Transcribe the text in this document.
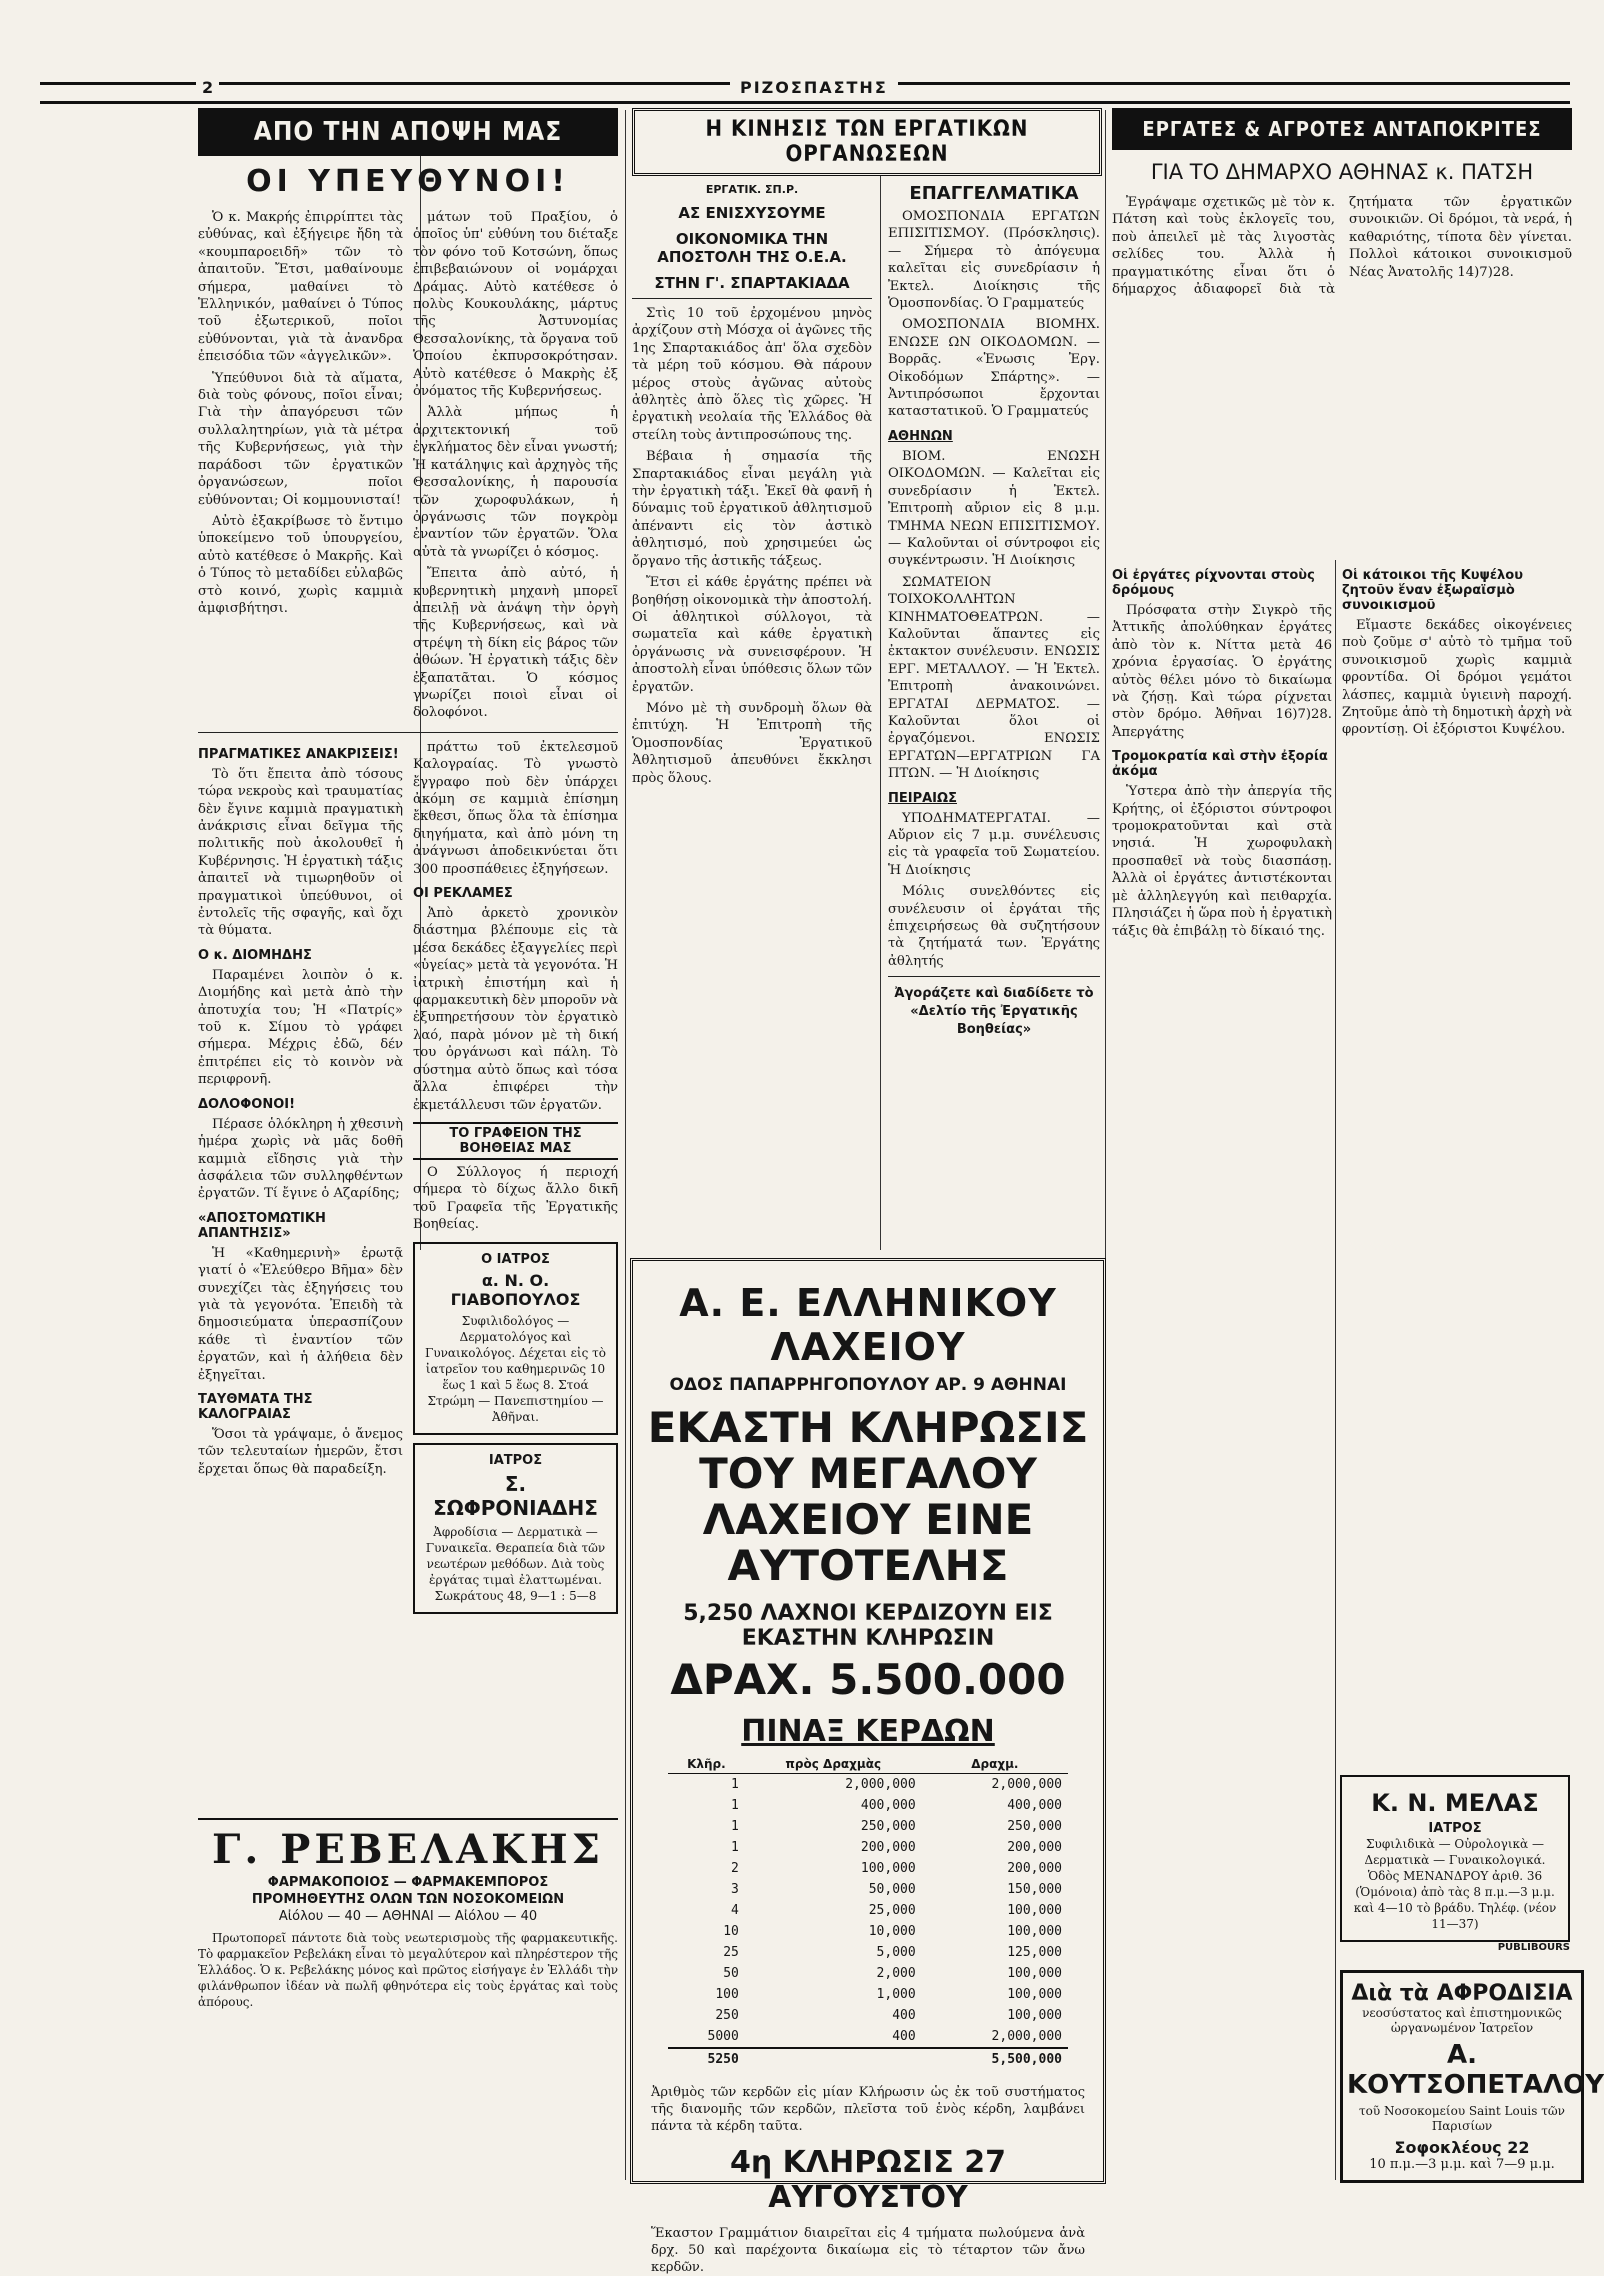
2	ΡΙΖΟΣΠΑΣΤΗΣ
ΑΠΟ ΤΗΝ ΑΠΟΨΗ ΜΑΣ
ΟΙ ΥΠΕΥΘΥΝΟΙ!

Ὁ κ. Μακρής ἐπιρρίπτει τὰς εὐθύνας, καὶ ἐξήγειρε ἤδη τὰ «κουμπαροειδῆ» τῶν τὸ ἀπαιτοῦν. Ἔτσι, μαθαίνουμε σήμερα, μαθαίνει τὸ Ἑλληνικόν, μαθαίνει ὁ Τύπος τοῦ ἐξωτερικοῦ, ποῖοι εὐθύνονται, γιὰ τὰ ἀνανδρα ἐπεισόδια τῶν «ἀγγελικῶν».

Ὑπεύθυνοι διὰ τὰ αἵματα, διὰ τοὺς φόνους, ποῖοι εἶναι; Γιὰ τὴν ἀπαγόρευσι τῶν συλλαλητηρίων, γιὰ τὰ μέτρα τῆς Κυβερνήσεως, γιὰ τὴν παράδοσι τῶν ἐργατικῶν ὀργανώσεων, ποῖοι εὐθύνονται; Οἱ κομμουνισταί!

Αὐτὸ ἐξακρίβωσε τὸ ἔντιμο ὑποκείμενο τοῦ ὑπουργείου, αὐτὸ κατέθεσε ὁ Μακρῆς. Καὶ ὁ Τύπος τὸ μεταδίδει εὐλαβῶς στὸ κοινό, χωρὶς καμμιὰ ἀμφισβήτησι.

μάτων τοῦ Πραξίου, ὁ ὁποῖος ὑπ' εὐθύνη του διέταξε τὸν φόνο τοῦ Κοτσώνη, ὅπως ἐπιβεβαιώνουν οἱ νομάρχαι Δράμας. Αὐτὸ κατέθεσε ὁ πολὺς Κουκουλάκης, μάρτυς τῆς Ἀστυνομίας Θεσσαλονίκης, τὰ ὄργανα τοῦ Ὁποίου ἐκπυρσοκρότησαν. Αὐτὸ κατέθεσε ὁ Μακρὴς ἐξ ὀνόματος τῆς Κυβερνήσεως.

Ἀλλὰ μήπως ἡ ἀρχιτεκτονική τοῦ ἐγκλήματος δὲν εἶναι γνωστή; Ἡ κατάληψις καὶ ἀρχηγὸς τῆς Θεσσαλονίκης, ἡ παρουσία τῶν χωροφυλάκων, ἡ ὀργάνωσις τῶν πογκρὸμ ἐναντίον τῶν ἐργατῶν. Ὅλα αὐτὰ τὰ γνωρίζει ὁ κόσμος.

Ἔπειτα ἀπὸ αὐτό, ἡ κυβερνητικὴ μηχανὴ μπορεῖ ἀπειλῇ νὰ ἀνάψη τὴν ὀργὴ τῆς Κυβερνήσεως, καὶ νὰ στρέψη τὴ δίκη εἰς βάρος τῶν ἀθώων. Ἡ ἐργατικὴ τάξις δὲν ἐξαπατᾶται. Ὁ κόσμος γνωρίζει ποιοὶ εἶναι οἱ δολοφόνοι.

ΠΡΑΓΜΑΤΙΚΕΣ ΑΝΑΚΡΙΣΕΙΣ!

Τὸ ὅτι ἔπειτα ἀπὸ τόσους τώρα νεκροὺς καὶ τραυματίας δὲν ἔγινε καμμιὰ πραγματικὴ ἀνάκρισις εἶναι δεῖγμα τῆς πολιτικῆς ποὺ ἀκολουθεῖ ἡ Κυβέρνησις. Ἡ ἐργατικὴ τάξις ἀπαιτεῖ νὰ τιμωρηθοῦν οἱ πραγματικοὶ ὑπεύθυνοι, οἱ ἐντολεῖς τῆς σφαγῆς, καὶ ὄχι τὰ θύματα.

Ο κ. ΔΙΟΜΗΔΗΣ

Παραμένει λοιπὸν ὁ κ. Διομήδης καὶ μετὰ ἀπὸ τὴν ἀποτυχία του; Ἡ «Πατρίς» τοῦ κ. Σίμου τὸ γράφει σήμερα. Μέχρις ἐδῶ, δέν ἐπιτρέπει εἰς τὸ κοινὸν νὰ περιφρονῆ.

ΔΟΛΟΦΟΝΟΙ!

Πέρασε ὁλόκληρη ἡ χθεσινὴ ἡμέρα χωρὶς νὰ μᾶς δοθῆ καμμιὰ εἴδησις γιὰ τὴν ἀσφάλεια τῶν συλληφθέντων ἐργατῶν. Τί ἔγινε ὁ Αζαρίδης;

«ΑΠΟΣΤΟΜΩΤΙΚΗ ΑΠΑΝΤΗΣΙΣ»

Ἡ «Καθημερινὴ» ἐρωτᾷ γιατί ὁ «Ἐλεύθερο Βῆμα» δὲν συνεχίζει τὰς ἐξηγήσεις του γιὰ τὰ γεγονότα. Ἐπειδὴ τὰ δημοσιεύματα ὑπερασπίζουν κάθε τὶ ἐναντίον τῶν ἐργατῶν, καὶ ἡ ἀλήθεια δὲν ἐξηγεῖται.

ΤΑΥΘΜΑΤΑ ΤΗΣ ΚΑΛΟΓΡΑΙΑΣ

Ὅσοι τὰ γράψαμε, ὁ ἄνεμος τῶν τελευταίων ἡμερῶν, ἔτσι ἔρχεται ὅπως θὰ παραδείξη.

πράττω τοῦ ἐκτελεσμοῦ Καλογραίας. Τὸ γνωστὸ ἔγγραφο ποὺ δὲν ὑπάρχει ἀκόμη σε καμμιὰ ἐπίσημη ἔκθεσι, ὅπως ὅλα τὰ ἐπίσημα διηγήματα, καὶ ἀπὸ μόνη τη ἀνάγνωσι ἀποδεικνύεται ὅτι 300 προσπάθειες ἐξηγήσεων.

ΟΙ ΡΕΚΛΑΜΕΣ

Ἀπὸ ἀρκετὸ χρονικὸν διάστημα βλέπουμε εἰς τὰ μέσα δεκάδες ἐξαγγελίες περὶ «ὑγείας» μετὰ τὰ γεγονότα. Ἡ ἰατρικὴ ἐπιστήμη καὶ ἡ φαρμακευτικὴ δὲν μποροῦν νὰ ἐξυπηρετήσουν τὸν ἐργατικὸ λαό, παρὰ μόνον μὲ τὴ δική του ὀργάνωσι καὶ πάλη. Τὸ σύστημα αὐτὸ ὅπως καὶ τόσα ἄλλα ἐπιφέρει τὴν ἐκμετάλλευσι τῶν ἐργατῶν.

ΤΟ ΓΡΑΦΕΙΟΝ ΤΗΣ ΒΟΗΘΕΙΑΣ ΜΑΣ

Ο Σύλλογος ή περιοχή σήμερα τὸ δίχως ἄλλο δικῆ τοῦ Γραφεῖα τῆς Ἐργατικῆς Βοηθείας.

Ο ΙΑΤΡΟΣ
α. Ν. Ο. ΓΙΑΒΟΠΟΥΛΟΣ
Συφιλιδολόγος — Δερματολόγος καὶ Γυναικολόγος. Δέχεται εἰς τὸ ἰατρεῖον του καθημερινῶς 10 ἕως 1 καὶ 5 ἕως 8. Στοά Στρώμη — Πανεπιστημίου — Ἀθῆναι.
ΙΑΤΡΟΣ
Σ. ΣΩΦΡΟΝΙΑΔΗΣ
Ἀφροδίσια — Δερματικὰ — Γυναικεῖα. Θεραπεία διὰ τῶν νεωτέρων μεθόδων. Διὰ τοὺς ἐργάτας τιμαὶ ἐλαττωμέναι. Σωκράτους 48, 9—1 : 5—8
Γ. ΡΕΒΕΛΑΚΗΣ
ΦΑΡΜΑΚΟΠΟΙΟΣ — ΦΑΡΜΑΚΕΜΠΟΡΟΣ
ΠΡΟΜΗΘΕΥΤΗΣ ΟΛΩΝ ΤΩΝ ΝΟΣΟΚΟΜΕΙΩΝ
Αἰόλου — 40 — ΑΘΗΝΑΙ — Αἰόλου — 40

Πρωτοπορεῖ πάντοτε διὰ τοὺς νεωτερισμοὺς τῆς φαρμακευτικῆς. Τὸ φαρμακεῖον Ρεβελάκη εἶναι τὸ μεγαλύτερον καὶ πληρέστερον τῆς Ἑλλάδος. Ὁ κ. Ρεβελάκης μόνος καὶ πρῶτος εἰσήγαγε ἐν Ἑλλάδι τὴν φιλάνθρωπον ἰδέαν νὰ πωλῆ φθηνότερα εἰς τοὺς ἐργάτας καὶ τοὺς ἀπόρους.

Η ΚΙΝΗΣΙΣ ΤΩΝ ΕΡΓΑΤΙΚΩΝ ΟΡΓΑΝΩΣΕΩΝ
ΕΡΓΑΤΙΚ. ΣΠ.Ρ.
ΑΣ ΕΝΙΣΧΥΣΟΥΜΕ
ΟΙΚΟΝΟΜΙΚΑ ΤΗΝ ΑΠΟΣΤΟΛΗ ΤΗΣ Ο.Ε.Α.
ΣΤΗΝ Γ'. ΣΠΑΡΤΑΚΙΑΔΑ

Στὶς 10 τοῦ ἐρχομένου μηνὸς ἀρχίζουν στὴ Μόσχα οἱ ἀγῶνες τῆς 1ης Σπαρτακιάδος ἀπ' ὅλα σχεδὸν τὰ μέρη τοῦ κόσμου. Θὰ πάρουν μέρος στοὺς ἀγῶνας αὐτοὺς ἀθλητὲς ἀπὸ ὅλες τὶς χῶρες. Ἡ ἐργατικὴ νεολαία τῆς Ἑλλάδος θὰ στείλη τοὺς ἀντιπροσώπους της.

Βέβαια ἡ σημασία τῆς Σπαρτακιάδος εἶναι μεγάλη γιὰ τὴν ἐργατικὴ τάξι. Ἐκεῖ θὰ φανῆ ἡ δύναμις τοῦ ἐργατικοῦ ἀθλητισμοῦ ἀπέναντι εἰς τὸν ἀστικὸ ἀθλητισμό, ποὺ χρησιμεύει ὡς ὄργανο τῆς ἀστικῆς τάξεως.

Ἔτσι εἰ κάθε ἐργάτης πρέπει νὰ βοηθήσῃ οἰκονομικὰ τὴν ἀποστολή. Οἱ ἀθλητικοὶ σύλλογοι, τὰ σωματεῖα καὶ κάθε ἐργατικὴ ὀργάνωσις νὰ συνεισφέρουν. Ἡ ἀποστολὴ εἶναι ὑπόθεσις ὅλων τῶν ἐργατῶν.

Μόνο μὲ τὴ συνδρομὴ ὅλων θὰ ἐπιτύχη. Ἡ Ἐπιτροπὴ τῆς Ὁμοσπονδίας Ἐργατικοῦ Ἀθλητισμοῦ ἀπευθύνει ἔκκλησι πρὸς ὅλους.

ΕΠΑΓΓΕΛΜΑΤΙΚΑ

ΟΜΟΣΠΟΝΔΙΑ ΕΡΓΑΤΩΝ ΕΠΙΣΙΤΙΣΜΟΥ. (Πρόσκλησις). — Σήμερα τὸ ἀπόγευμα καλεῖται εἰς συνεδρίασιν ἡ Ἐκτελ. Διοίκησις τῆς Ὁμοσπονδίας. Ὁ Γραμματεύς

ΟΜΟΣΠΟΝΔΙΑ ΒΙΟΜΗΧ. ΕΝΩΣΕ ΩΝ ΟΙΚΟΔΟΜΩΝ. — Βορρᾶς. «Ἑνωσις Ἐργ. Οἰκοδόμων Σπάρτης». — Ἀντιπρόσωποι ἔρχονται καταστατικοῦ. Ὁ Γραμματεύς

ΑΘΗΝΩΝ

ΒΙΟΜ. ΕΝΩΣΗ ΟΙΚΟΔΟΜΩΝ. — Καλεῖται εἰς συνεδρίασιν ἡ Ἐκτελ. Ἐπιτροπὴ αὔριον εἰς 8 μ.μ. ΤΜΗΜΑ ΝΕΩΝ ΕΠΙΣΙΤΙΣΜΟΥ. — Καλοῦνται οἱ σύντροφοι εἰς συγκέντρωσιν. Ἡ Διοίκησις

ΣΩΜΑΤΕΙΟΝ ΤΟΙΧΟΚΟΛΛΗΤΩΝ ΚΙΝΗΜΑΤΟΘΕΑΤΡΩΝ. — Καλοῦνται ἅπαντες εἰς ἐκτακτον συνέλευσιν. ΕΝΩΣΙΣ ΕΡΓ. ΜΕΤΑΛΛΟΥ. — Ἡ Ἐκτελ. Ἐπιτροπὴ ἀνακοινώνει. ΕΡΓΑΤΑΙ ΔΕΡΜΑΤΟΣ. — Καλοῦνται ὅλοι οἱ ἐργαζόμενοι. ΕΝΩΣΙΣ ΕΡΓΑΤΩΝ—ΕΡΓΑΤΡΙΩΝ ΓΑ ΠΤΩΝ. — Ἡ Διοίκησις

ΠΕΙΡΑΙΩΣ

ΥΠΟΔΗΜΑΤΕΡΓΑΤΑΙ. — Αὔριον εἰς 7 μ.μ. συνέλευσις εἰς τὰ γραφεῖα τοῦ Σωματείου. Ἡ Διοίκησις

Μόλις συνελθόντες εἰς συνέλευσιν οἱ ἐργάται τῆς ἐπιχειρήσεως θὰ συζητήσουν τὰ ζητήματά των. Ἐργάτης ἀθλητής

Ἀγοράζετε καὶ διαδίδετε τὸ «Δελτίο τῆς Ἐργατικῆς Βοηθείας»
Α. Ε. ΕΛΛΗΝΙΚΟΥ ΛΑΧΕΙΟΥ
ΟΔΟΣ ΠΑΠΑΡΡΗΓΟΠΟΥΛΟΥ ΑΡ. 9 ΑΘΗΝΑΙ
ΕΚΑΣΤΗ ΚΛΗΡΩΣΙΣ ΤΟΥ ΜΕΓΑΛΟΥ ΛΑΧΕΙΟΥ ΕΙΝΕ ΑΥΤΟΤΕΛΗΣ
5,250 ΛΑΧΝΟΙ ΚΕΡΔΙΖΟΥΝ ΕΙΣ ΕΚΑΣΤΗΝ ΚΛΗΡΩΣΙΝ
ΔΡΑΧ. 5.500.000
ΠΙΝΑΞ ΚΕΡΔΩΝ
Κλῆρ.	πρὸς Δραχμὰς	Δραχμ.
1	2,000,000	2,000,000
1	400,000	400,000
1	250,000	250,000
1	200,000	200,000
2	100,000	200,000
3	50,000	150,000
4	25,000	100,000
10	10,000	100,000
25	5,000	125,000
50	2,000	100,000
100	1,000	100,000
250	400	100,000
5000	400	2,000,000
5250		5,500,000
Ἀριθμὸς τῶν κερδῶν εἰς μίαν Κλήρωσιν ὡς ἐκ τοῦ συστήματος τῆς διανομῆς τῶν κερδῶν, πλεῖστα τοῦ ἑνὸς κέρδη, λαμβάνει πάντα τὰ κέρδη ταῦτα.
4η ΚΛΗΡΩΣΙΣ 27 ΑΥΓΟΥΣΤΟΥ
Ἕκαστον Γραμμάτιον διαιρεῖται εἰς 4 τμήματα πωλούμενα ἀνὰ δρχ. 50 καὶ παρέχοντα δικαίωμα εἰς τὸ τέταρτον τῶν ἄνω κερδῶν.
ΕΡΓΑΤΕΣ & ΑΓΡΟΤΕΣ ΑΝΤΑΠΟΚΡΙΤΕΣ
ΓΙΑ ΤΟ ΔΗΜΑΡΧΟ ΑΘΗΝΑΣ κ. ΠΑΤΣΗ

Ἐγράψαμε σχετικῶς μὲ τὸν κ. Πάτση καὶ τοὺς ἐκλογεῖς του, ποὺ ἀπειλεῖ μὲ τὰς λιγοστὰς σελίδες του. Ἀλλὰ ἡ πραγματικότης εἶναι ὅτι ὁ δήμαρχος ἀδιαφορεῖ διὰ τὰ ζητήματα τῶν ἐργατικῶν συνοικιῶν. Οἱ δρόμοι, τὰ νερά, ἡ καθαριότης, τίποτα δὲν γίνεται. Πολλοὶ κάτοικοι συνοικισμοῦ Νέας Ἀνατολῆς 14)7)28.

Οἱ ἐργάτες ρίχνονται στοὺς δρόμους

Πρόσφατα στὴν Σιγκρὸ τῆς Ἀττικῆς ἀπολύθηκαν ἐργάτες ἀπὸ τὸν κ. Νίττα μετὰ 46 χρόνια ἐργασίας. Ὁ ἐργάτης αὐτὸς θέλει μόνο τὸ δικαίωμα νὰ ζήσῃ. Καὶ τώρα ρίχνεται στὸν δρόμο. Ἀθῆναι 16)7)28. Ἀπεργάτης

Τρομοκρατία καὶ στὴν ἐξορία ἀκόμα

Ὑστερα ἀπὸ τὴν ἀπεργία τῆς Κρήτης, οἱ ἐξόριστοι σύντροφοι τρομοκρατοῦνται καὶ στὰ νησιά. Ἡ χωροφυλακὴ προσπαθεῖ νὰ τοὺς διασπάσῃ. Ἀλλὰ οἱ ἐργάτες ἀντιστέκονται μὲ ἀλληλεγγύη καὶ πειθαρχία. Πλησιάζει ἡ ὥρα ποὺ ἡ ἐργατικὴ τάξις θὰ ἐπιβάλῃ τὸ δίκαιό της.

Οἱ κάτοικοι τῆς Κυψέλου ζητοῦν ἕναν ἐξωραϊσμὸ συνοικισμοῦ

Εἴμαστε δεκάδες οἰκογένειες ποὺ ζοῦμε σ' αὐτὸ τὸ τμῆμα τοῦ συνοικισμοῦ χωρὶς καμμιὰ φροντίδα. Οἱ δρόμοι γεμάτοι λάσπες, καμμιὰ ὑγιεινὴ παροχή. Ζητοῦμε ἀπὸ τὴ δημοτικὴ ἀρχὴ νὰ φροντίσῃ. Οἱ ἐξόριστοι Κυψέλου.

Κ. Ν. ΜΕΛΑΣ
ΙΑΤΡΟΣ
Συφιλιδικὰ — Οὐρολογικὰ — Δερματικὰ — Γυναικολογικά. Ὁδὸς ΜΕΝΑΝΔΡΟΥ ἀριθ. 36 (Ὁμόνοια) ἀπὸ τὰς 8 π.μ.—3 μ.μ. καὶ 4—10 τὸ βράδυ. Τηλέφ. (νέον 11—37)
PUBLIBOURS
Διὰ τὰ ΑΦΡΟΔΙΣΙΑ
νεοσύστατος καὶ ἐπιστημονικῶς ὠργανωμένον Ἰατρεῖον
Α. ΚΟΥΤΣΟΠΕΤΑΛΟΥ
τοῦ Νοσοκομείου Saint Louis τῶν Παρισίων
Σοφοκλέους 22
10 π.μ.—3 μ.μ. καὶ 7—9 μ.μ.
